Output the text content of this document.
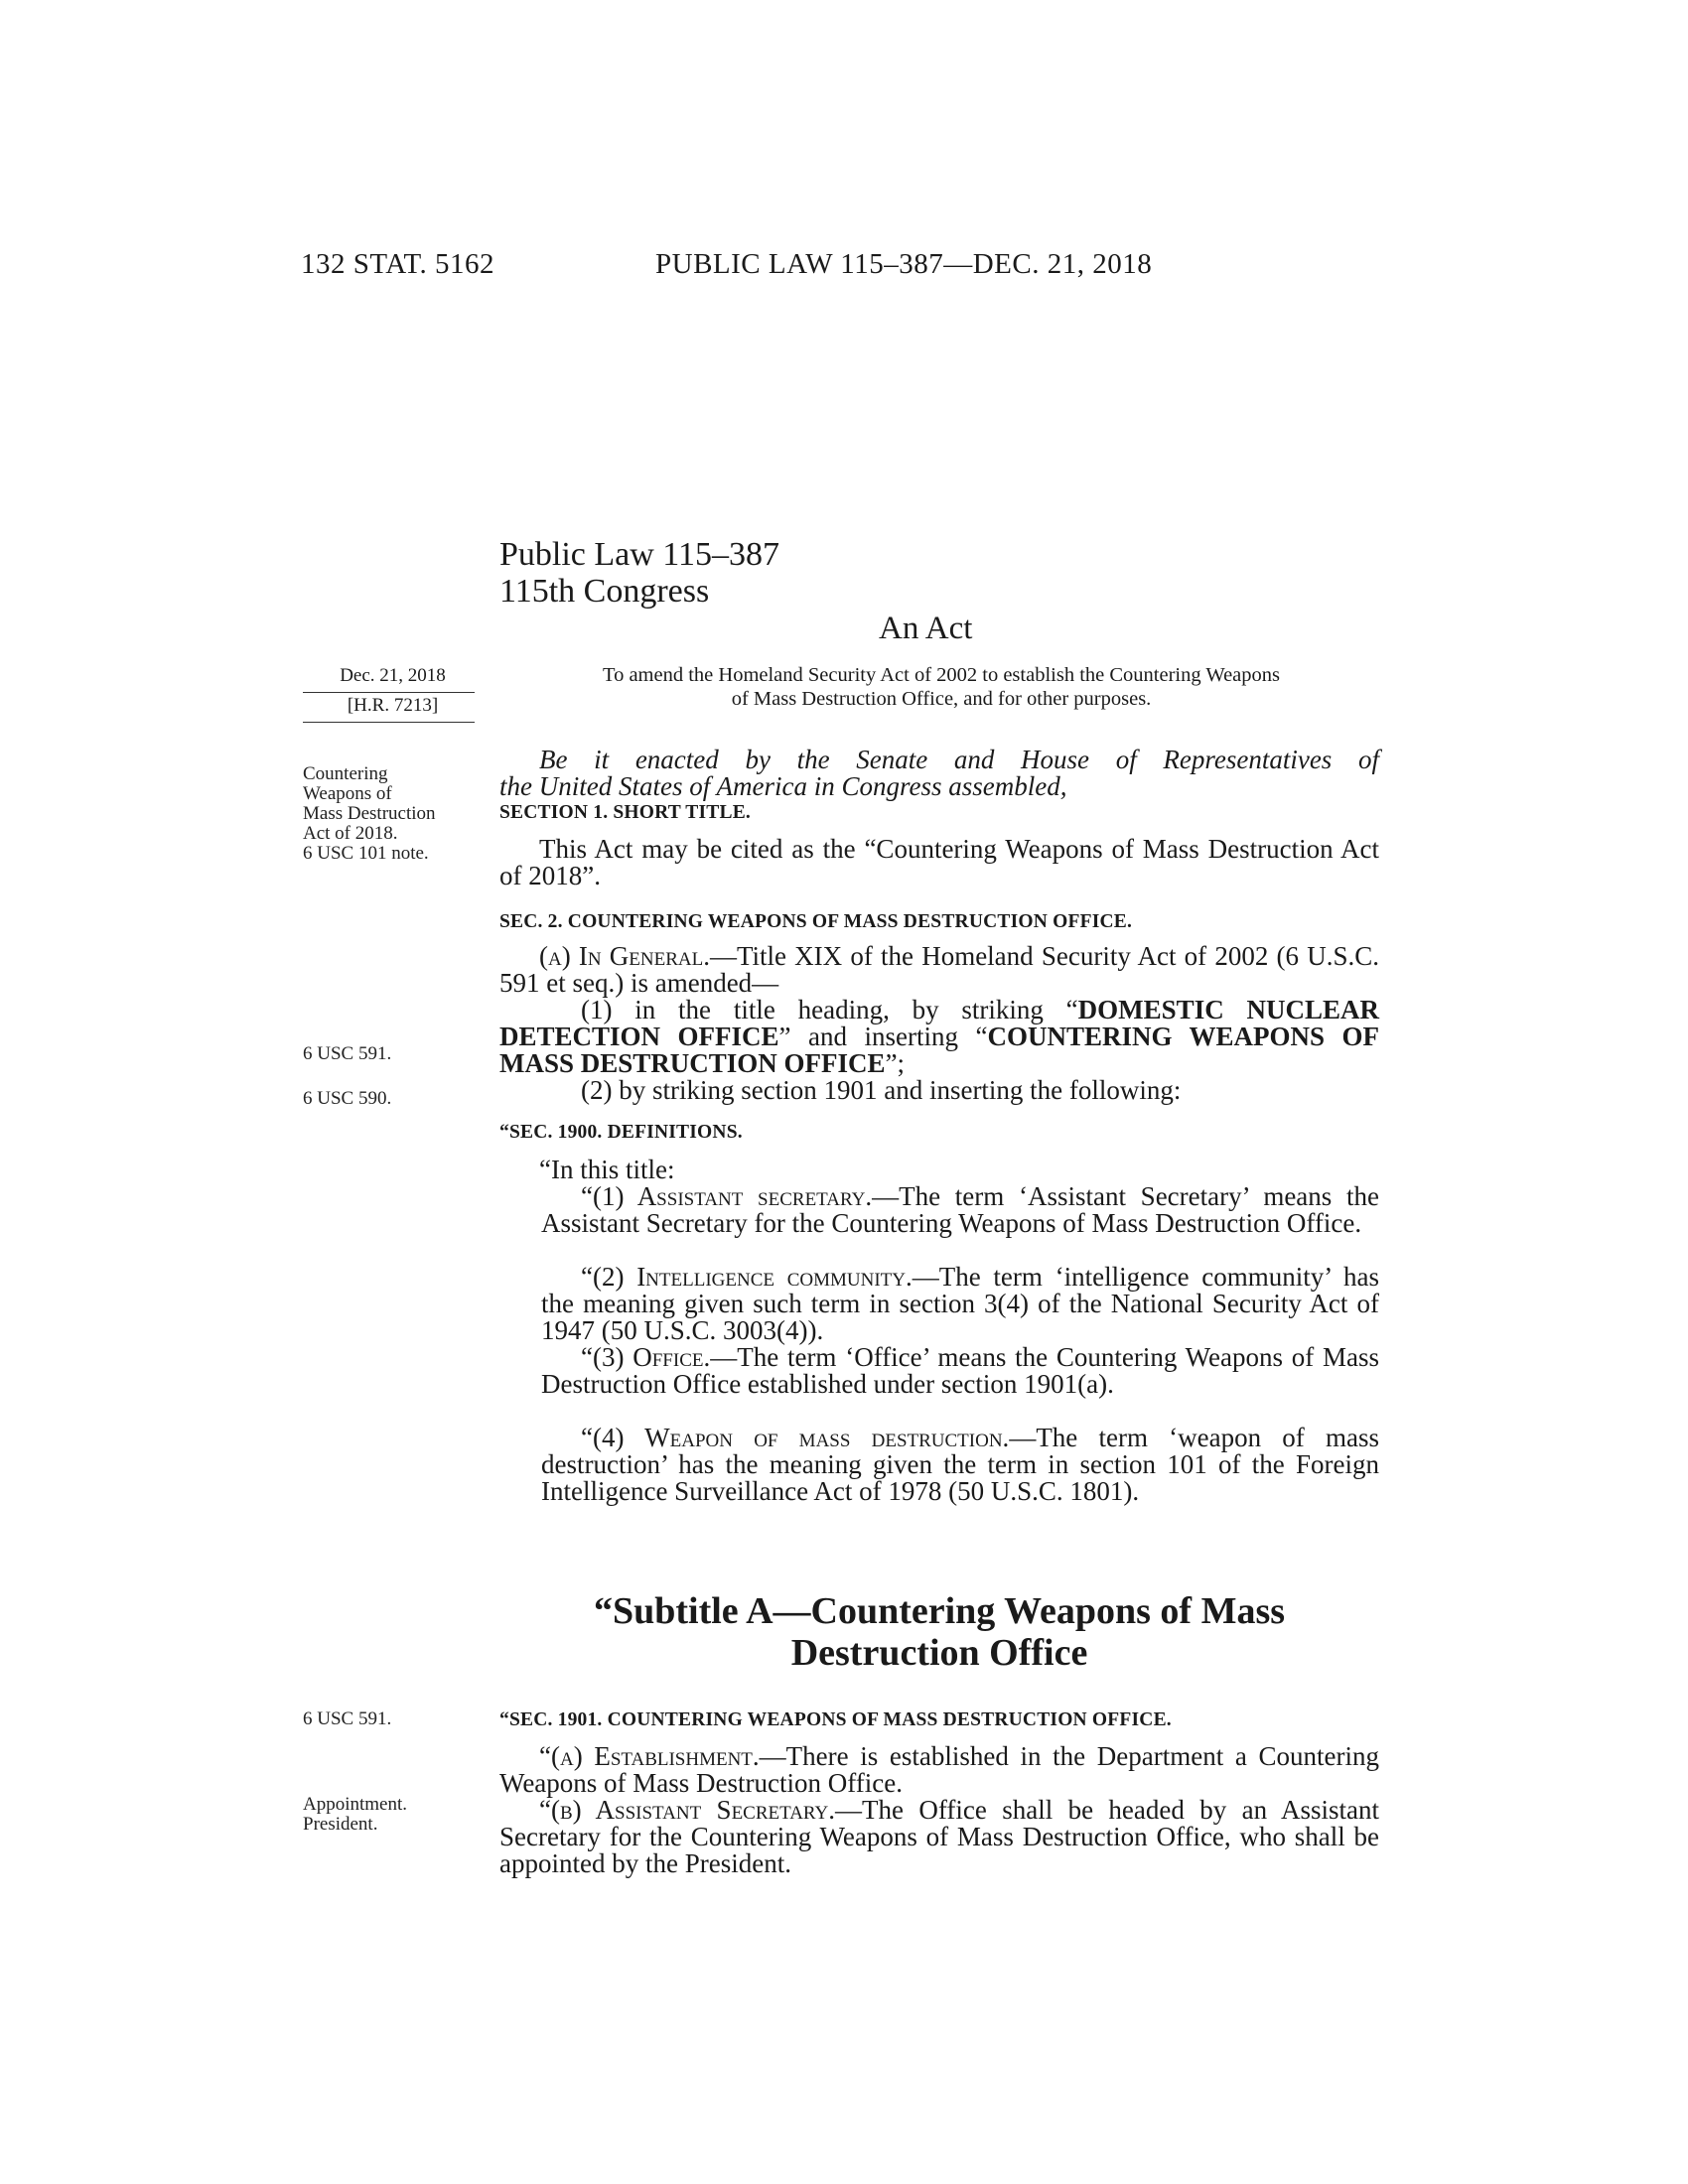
132 STAT. 5162	PUBLIC LAW 115–387—DEC. 21, 2018
Public Law 115–387
115th Congress
An Act
To amend the Homeland Security Act of 2002 to establish the Countering Weapons
of Mass Destruction Office, and for other purposes.
Dec. 21, 2018
[H.R. 7213]
Countering
Weapons of
Mass Destruction
Act of 2018.
6 USC 101 note.
6 USC 591.
6 USC 590.
6 USC 591.
Appointment.
President.
Be it enacted by the Senate and House of Representatives of
the United States of America in Congress assembled,
SECTION 1. SHORT TITLE.
This Act may be cited as the “Countering Weapons of Mass Destruction Act of 2018”.
SEC. 2. COUNTERING WEAPONS OF MASS DESTRUCTION OFFICE.
(a) In General.—Title XIX of the Homeland Security Act of 2002 (6 U.S.C. 591 et seq.) is amended—
(1) in the title heading, by striking “DOMESTIC NUCLEAR DETECTION OFFICE” and inserting “COUNTERING WEAPONS OF MASS DESTRUCTION OFFICE”;
(2) by striking section 1901 and inserting the following:
“SEC. 1900. DEFINITIONS.
“In this title:
“(1) Assistant secretary.—The term ‘Assistant Secretary’ means the Assistant Secretary for the Countering Weapons of Mass Destruction Office.
“(2) Intelligence community.—The term ‘intelligence community’ has the meaning given such term in section 3(4) of the National Security Act of 1947 (50 U.S.C. 3003(4)).
“(3) Office.—The term ‘Office’ means the Countering Weapons of Mass Destruction Office established under section 1901(a).
“(4) Weapon of mass destruction.—The term ‘weapon of mass destruction’ has the meaning given the term in section 101 of the Foreign Intelligence Surveillance Act of 1978 (50 U.S.C. 1801).
“Subtitle A—Countering Weapons of Mass
Destruction Office
“SEC. 1901. COUNTERING WEAPONS OF MASS DESTRUCTION OFFICE.
“(a) Establishment.—There is established in the Department a Countering Weapons of Mass Destruction Office.
“(b) Assistant Secretary.—The Office shall be headed by an Assistant Secretary for the Countering Weapons of Mass Destruction Office, who shall be appointed by the President.
